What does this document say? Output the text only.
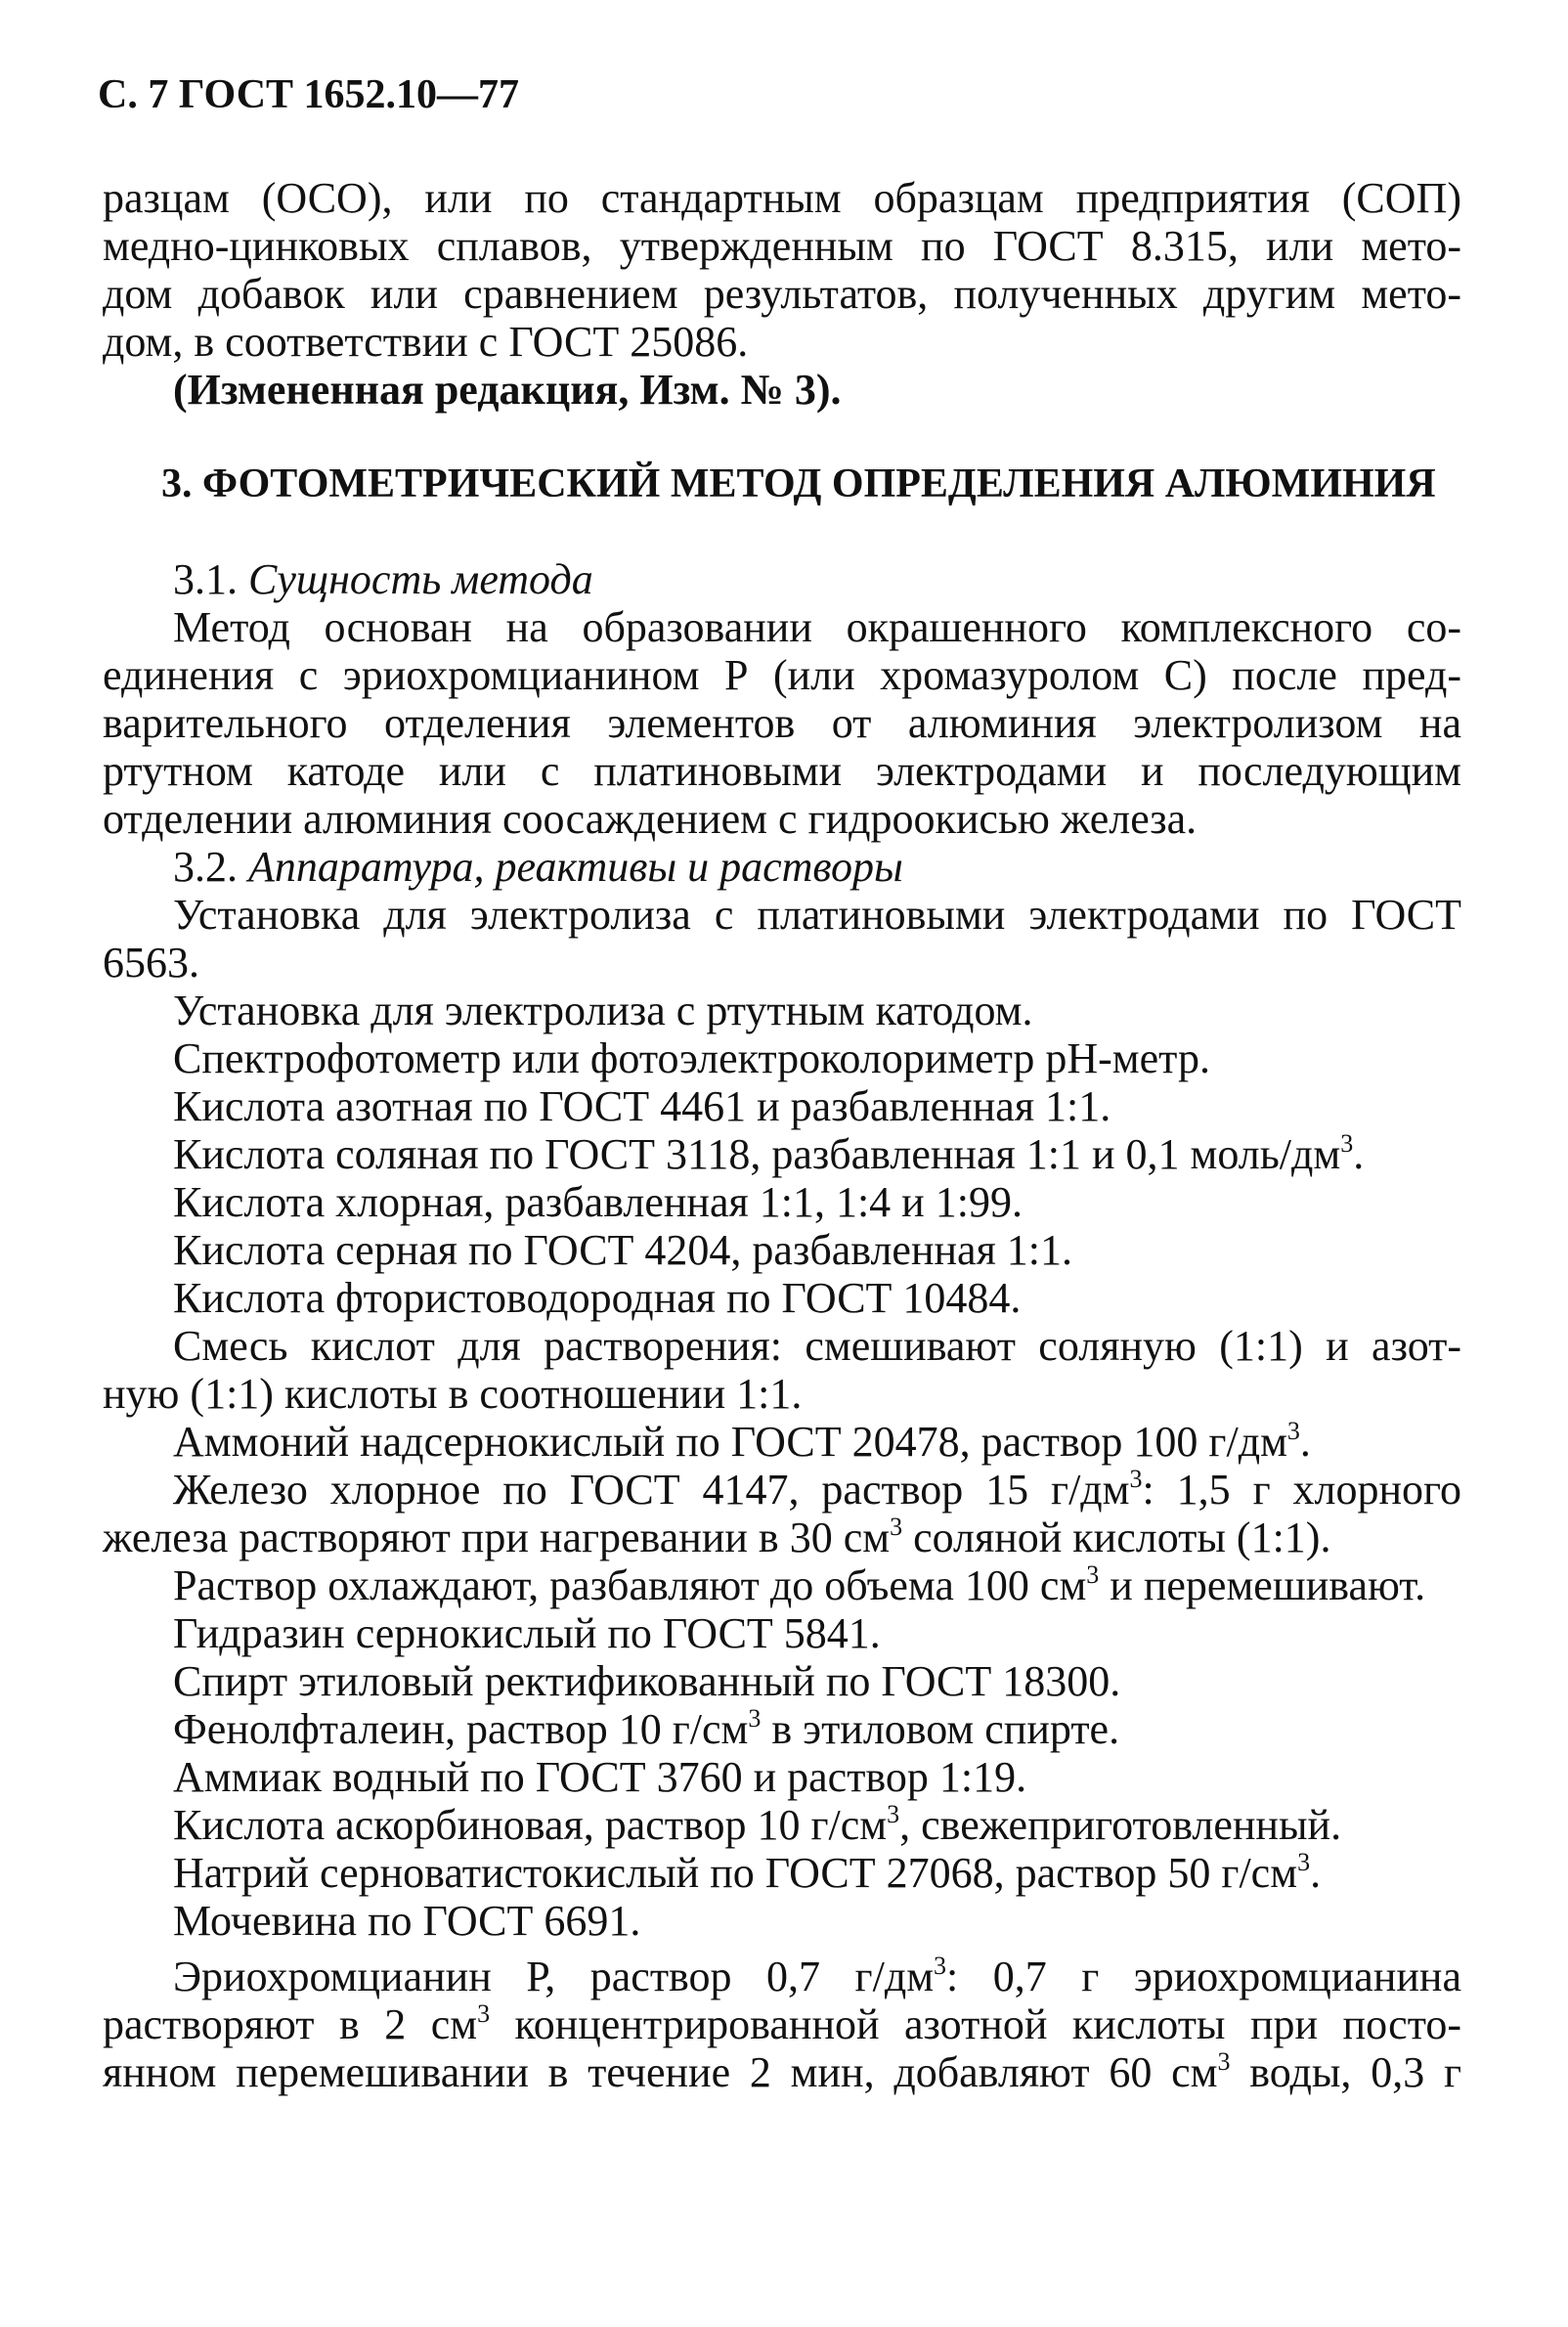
С. 7 ГОСТ 1652.10—77

разцам (ОСО), или по стандартным образцам предприятия (СОП)

медно-цинковых сплавов, утвержденным по ГОСТ 8.315, или мето-

дом добавок или сравнением результатов, полученных другим мето-

дом, в соответствии с ГОСТ 25086.

(Измененная редакция, Изм. № 3).

3. ФОТОМЕТРИЧЕСКИЙ МЕТОД ОПРЕДЕЛЕНИЯ АЛЮМИНИЯ

3.1. Сущность метода

Метод основан на образовании окрашенного комплексного со-

единения с эриохромцианином Р (или хромазуролом С) после пред-

варительного отделения элементов от алюминия электролизом на

ртутном катоде или с платиновыми электродами и последующим

отделении алюминия соосаждением с гидроокисью железа.

3.2. Аппаратура, реактивы и растворы

Установка для электролиза с платиновыми электродами по ГОСТ

6563.

Установка для электролиза с ртутным катодом.

Спектрофотометр или фотоэлектроколориметр pH-метр.

Кислота азотная по ГОСТ 4461 и разбавленная 1:1.

Кислота соляная по ГОСТ 3118, разбавленная 1:1 и 0,1 моль/$дм^3$.

Кислота хлорная, разбавленная 1:1, 1:4 и 1:99.

Кислота серная по ГОСТ 4204, разбавленная 1:1.

Кислота фтористоводородная по ГОСТ 10484.

Смесь кислот для растворения: смешивают соляную (1:1) и азот-

ную (1:1) кислоты в соотношении 1:1.

Аммоний надсернокислый по ГОСТ 20478, раствор 100 $г/дм^3$.

Железо хлорное по ГОСТ 4147, раствор 15 $г/дм^3$: 1,5 г хлорного

железа растворяют при нагревании в 30 $см^3$ соляной кислоты (1:1).

Раствор охлаждают, разбавляют до объема 100 $см^3$ и перемешивают.

Гидразин сернокислый по ГОСТ 5841.

Спирт этиловый ректификованный по ГОСТ 18300.

Фенолфталеин, раствор 10 $г/см^3$ в этиловом спирте.

Аммиак водный по ГОСТ 3760 и раствор 1:19.

Кислота аскорбиновая, раствор 10 $г/см^3$, свежеприготовленный.

Натрий серноватистокислый по ГОСТ 27068, раствор 50 $г/см^3$.

Мочевина по ГОСТ 6691.

Эриохромцианин Р, раствор 0,7 $г/дм^3$: 0,7 г эриохромцианина

растворяют в 2 $см^3$ концентрированной азотной кислоты при посто-

янном перемешивании в течение 2 мин, добавляют 60 $см^3$ воды, 0,3 г
